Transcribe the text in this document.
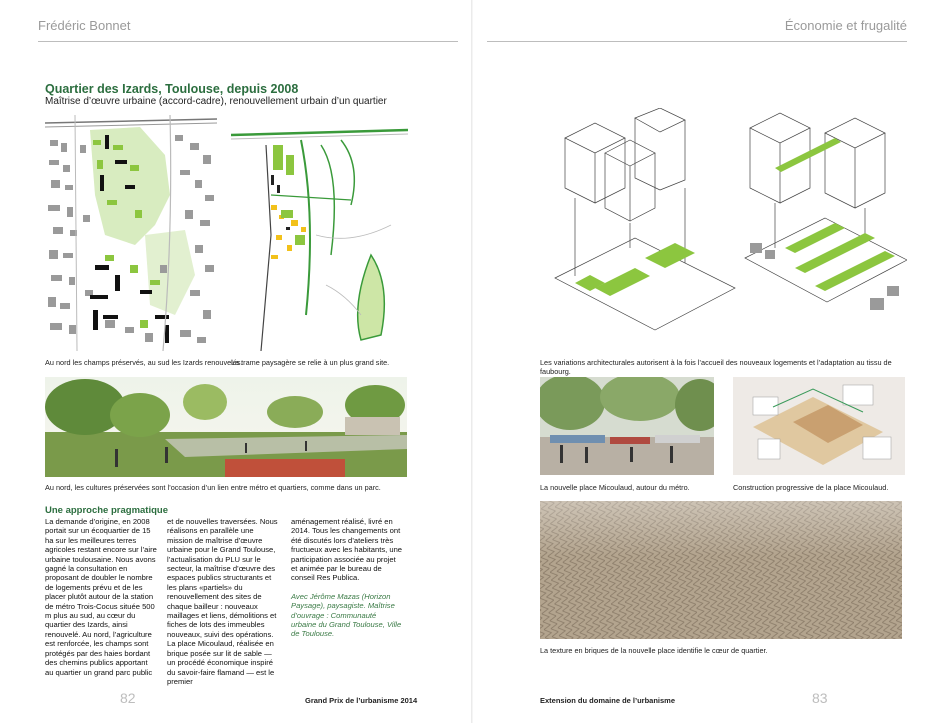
Frédéric Bonnet	Économie et frugalité
Quartier des Izards, Toulouse, depuis 2008
Maîtrise d’œuvre urbaine (accord-cadre), renouvellement urbain d’un quartier
Au nord les champs préservés, au sud les Izards renouvelés.
La trame paysagère se relie à un plus grand site.
Au nord, les cultures préservées sont l’occasion d’un lien entre métro et quartiers, comme dans un parc.
Une approche pragmatique

La demande d’origine, en 2008 portait sur un écoquartier de 15 ha sur les meilleures terres agricoles restant encore sur l’aire urbaine toulousaine. Nous avons gagné la consultation en proposant de doubler le nombre de logements prévu et de les placer plutôt autour de la station de métro Trois-Cocus située 500 m plus au sud, au cœur du quartier des Izards, ainsi renouvelé. Au nord, l’agriculture est renforcée, les champs sont protégés par des haies bordant des chemins publics apportant au quartier un grand parc public

et de nouvelles traversées. Nous réalisons en parallèle une mission de maîtrise d’œuvre urbaine pour le Grand Toulouse, l’actualisation du PLU sur le secteur, la maîtrise d’œuvre des espaces publics structurants et les plans «partiels» du renouvellement des sites de chaque bailleur : nouveaux maillages et liens, démolitions et fiches de lots des immeubles nouveaux, suivi des opérations. La place Micoulaud, réalisée en brique posée sur lit de sable — un procédé économique inspiré du savoir-faire flamand — est le premier

aménagement réalisé, livré en 2014. Tous les changements ont été discutés lors d’ateliers très fructueux avec les habitants, une participation associée au projet et animée par le bureau de conseil Res Publica.

Avec Jérôme Mazas (Horizon Paysage), paysagiste. Maîtrise d’ouvrage : Communauté urbaine du Grand Toulouse, Ville de Toulouse.

Les variations architecturales autorisent à la fois l’accueil des nouveaux logements et l’adaptation au tissu de faubourg.
La nouvelle place Micoulaud, autour du métro.	Construction progressive de la place Micoulaud.
La texture en briques de la nouvelle place identifie le cœur de quartier.
82	Grand Prix de l’urbanisme 2014	Extension du domaine de l’urbanisme	83
